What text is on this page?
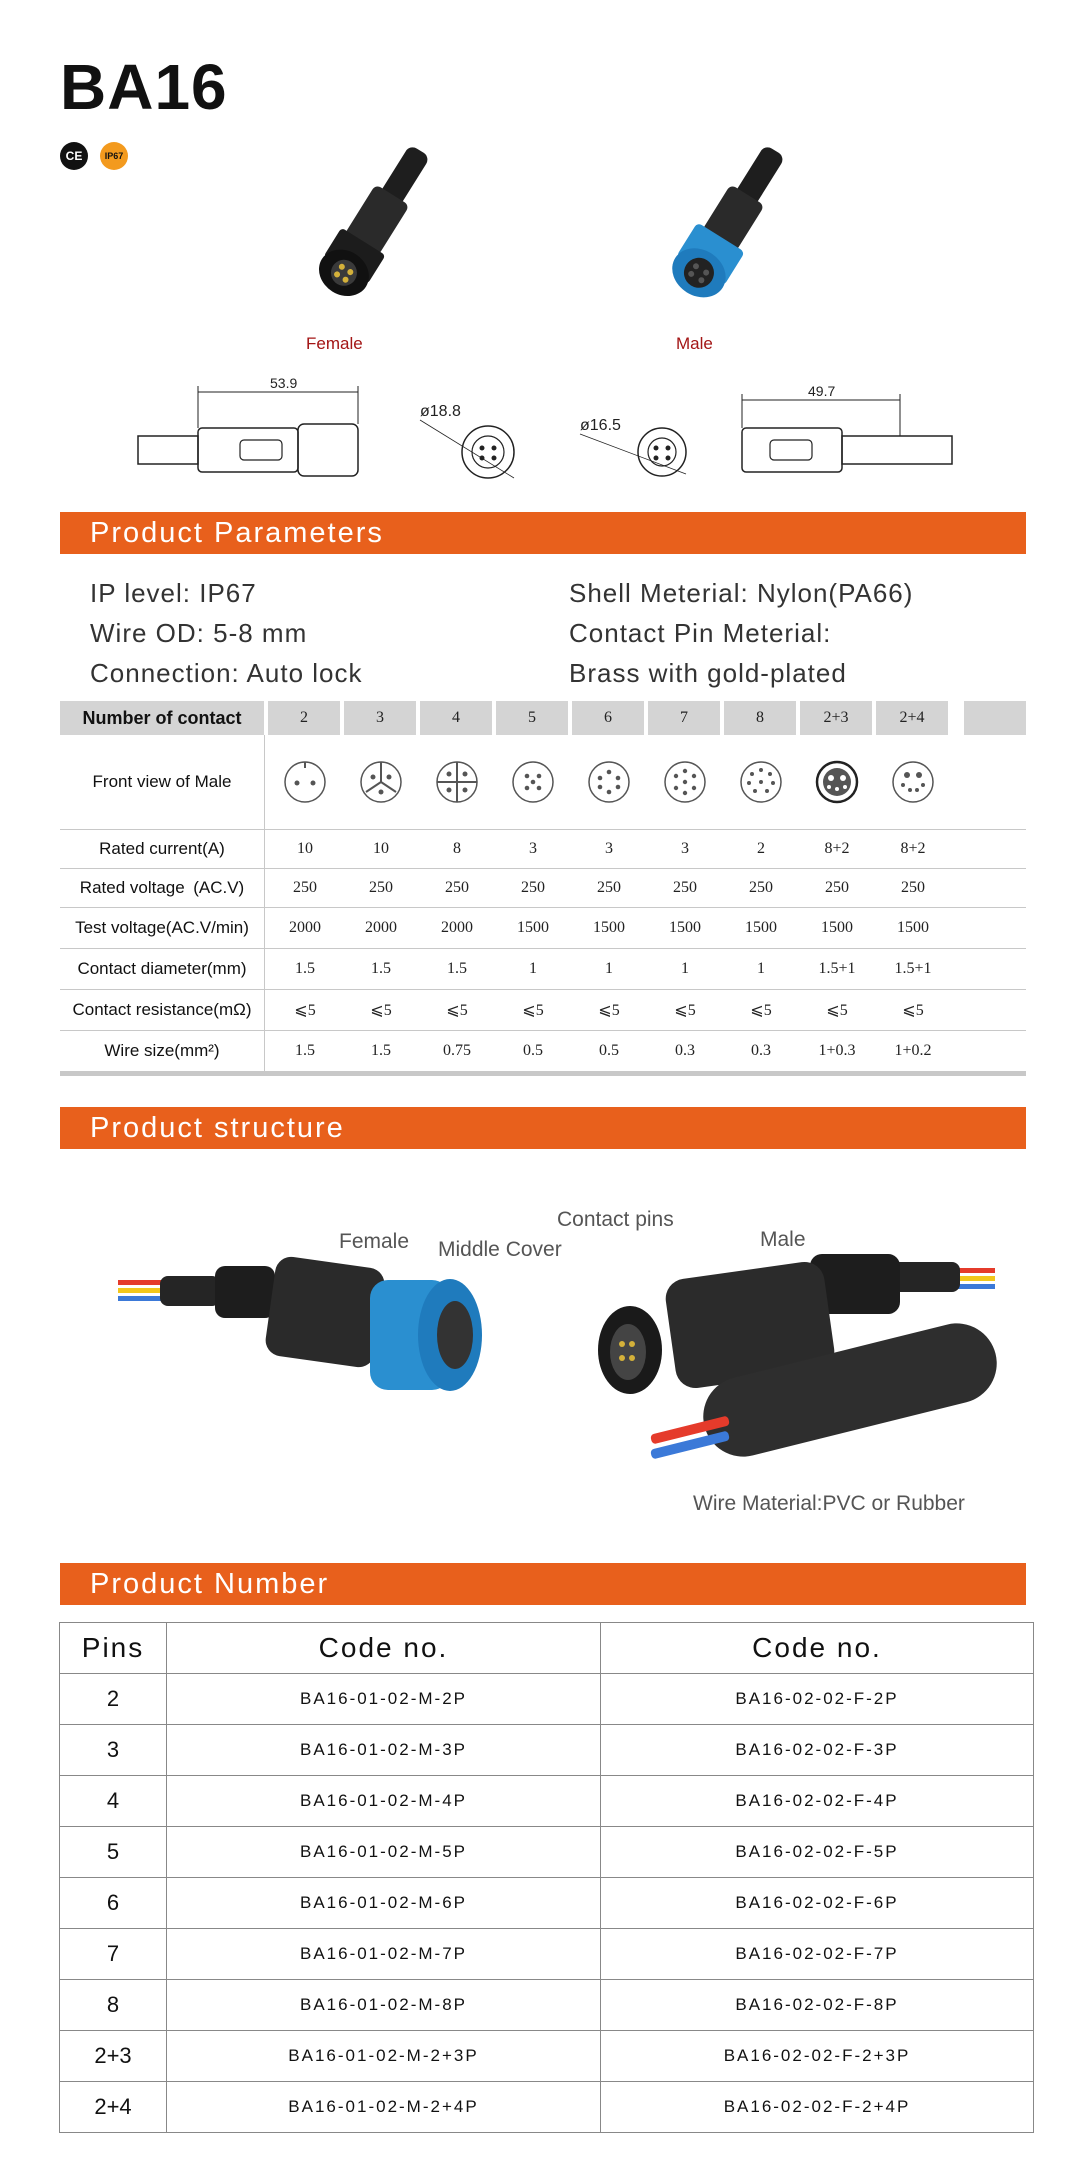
BA16
CE	IP67
Female	Male
53.9
ø18.8
ø16.5
49.7
Product Parameters
IP level: IP67
Wire OD: 5-8 mm
Connection: Auto lock
Shell Meterial: Nylon(PA66)
Contact Pin Meterial:
Brass with gold-plated
Number of contact	2	3	4	5	6	7	8	2+3	2+4
Front view of Male
Rated current(A)	10	10	8	3	3	3	2	8+2	8+2
Rated voltage (AC.V)	250	250	250	250	250	250	250	250	250
Test voltage(AC.V/min)	2000	2000	2000	1500	1500	1500	1500	1500	1500
Contact diameter(mm)	1.5	1.5	1.5	1	1	1	1	1.5+1	1.5+1
Contact resistance(mΩ)	⩽5	⩽5	⩽5	⩽5	⩽5	⩽5	⩽5	⩽5	⩽5
Wire size(mm²)	1.5	1.5	0.75	0.5	0.5	0.3	0.3	1+0.3	1+0.2
Product structure
Female Middle Cover
Contact pins
Male
Wire Material:PVC or Rubber
Product Number
Pins	Code no.	Code no.
2	BA16-01-02-M-2P	BA16-02-02-F-2P
3	BA16-01-02-M-3P	BA16-02-02-F-3P
4	BA16-01-02-M-4P	BA16-02-02-F-4P
5	BA16-01-02-M-5P	BA16-02-02-F-5P
6	BA16-01-02-M-6P	BA16-02-02-F-6P
7	BA16-01-02-M-7P	BA16-02-02-F-7P
8	BA16-01-02-M-8P	BA16-02-02-F-8P
2+3	BA16-01-02-M-2+3P	BA16-02-02-F-2+3P
2+4	BA16-01-02-M-2+4P	BA16-02-02-F-2+4P
